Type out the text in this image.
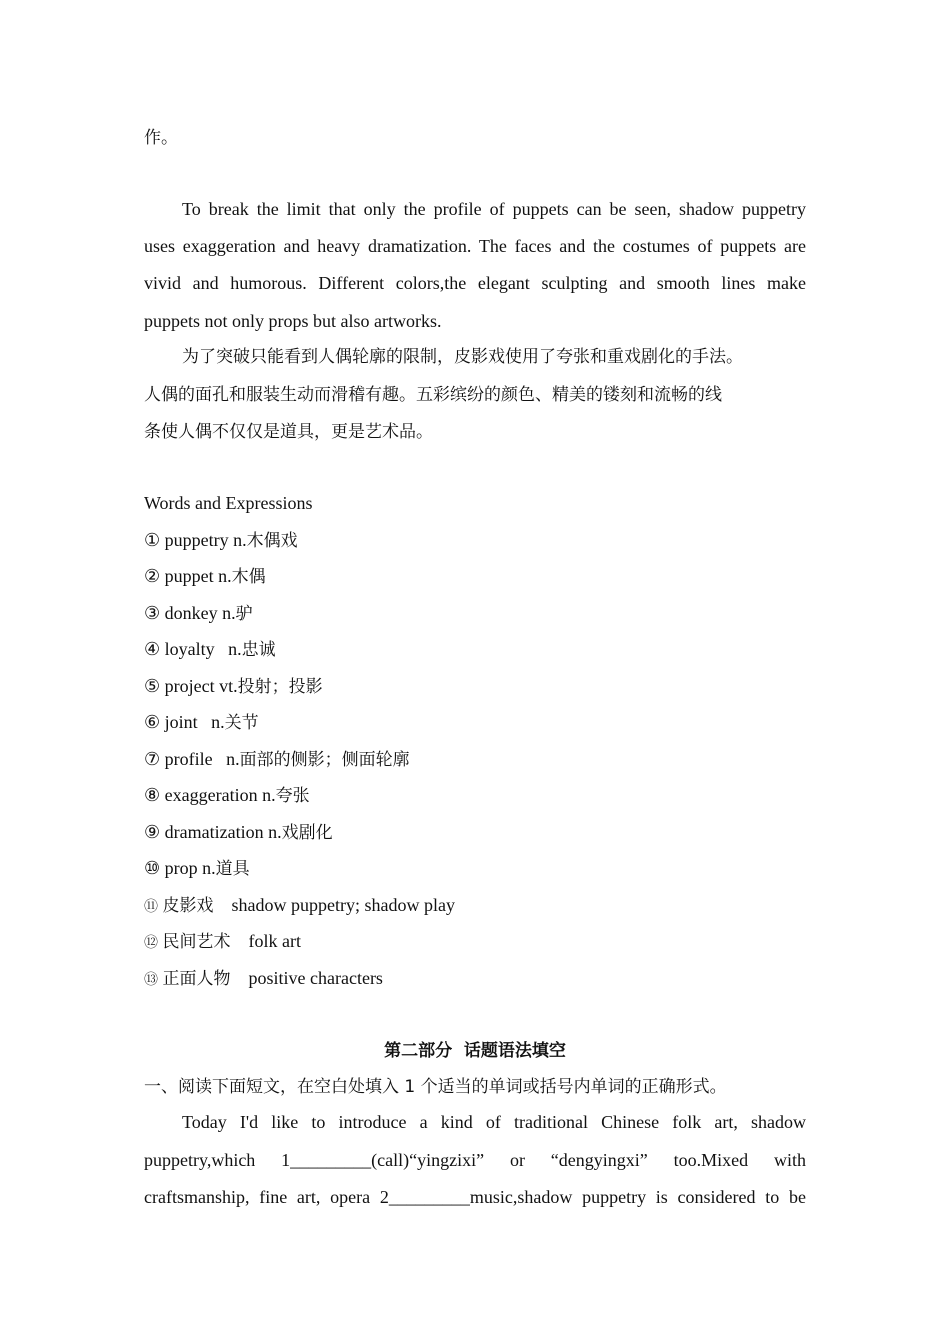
作。
To break the limit that only the profile of puppets can be seen, shadow puppetry
uses exaggeration and heavy dramatization. The faces and the costumes of puppets are
vivid and humorous. Different colors,the elegant sculpting and smooth lines make
puppets not only props but also artworks.
为了突破只能看到人偶轮廓的限制，皮影戏使用了夸张和重戏剧化的手法。
人偶的面孔和服装生动而滑稽有趣。五彩缤纷的颜色、精美的镂刻和流畅的线
条使人偶不仅仅是道具，更是艺术品。
Words and Expressions
① puppetry n.木偶戏
② puppet n.木偶
③ donkey n.驴
④ loyalty   n.忠诚
⑤ project vt.投射；投影
⑥ joint   n.关节
⑦ profile   n.面部的侧影；侧面轮廓
⑧ exaggeration n.夸张
⑨ dramatization n.戏剧化
⑩ prop n.道具
⑪ 皮影戏 shadow puppetry; shadow play
⑫ 民间艺术 folk art
⑬ 正面人物 positive characters
第二部分  话题语法填空
一、阅读下面短文，在空白处填入 1 个适当的单词或括号内单词的正确形式。
Today I'd like to introduce a kind of traditional Chinese folk art, shadow
puppetry,which 1_________(call)“yingzixi” or “dengyingxi” too.Mixed with
craftsmanship, fine art, opera 2_________music,shadow puppetry is considered to be
